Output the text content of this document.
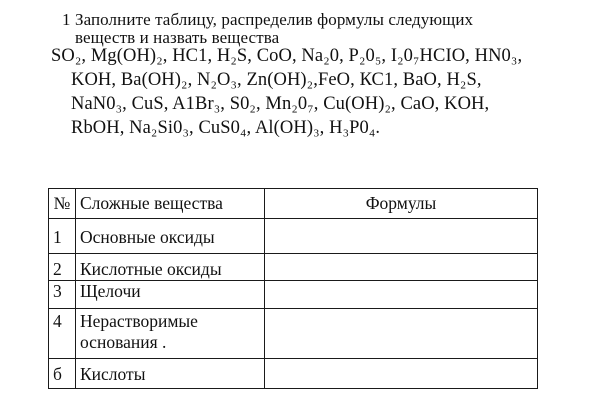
1 Заполните таблицу, распределив формулы следующих
веществ и назвать вещества
SO₂, Mg(OH)₂, HC1, H₂S, CoO, Na₂0, P₂0₅, I₂0₇HCIO, HN0₃,
KOH, Ba(OH)₂, N₂O₃, Zn(OH)₂,FeO, КС1, BaO, H₂S,
NaN0₃, CuS, A1Br₃, S0₂, Mn₂0₇, Cu(OH)₂, CaO, KOH,
RbOH, Na₂Si0₃, CuS0₄, Al(OH)₃, H₃P0₄.
№	Сложные вещества	Формулы
1	Основные оксиды	
2	Кислотные оксиды	
3	Щелочи	
4	Нерастворимые
основания .	

б	Кислоты	
